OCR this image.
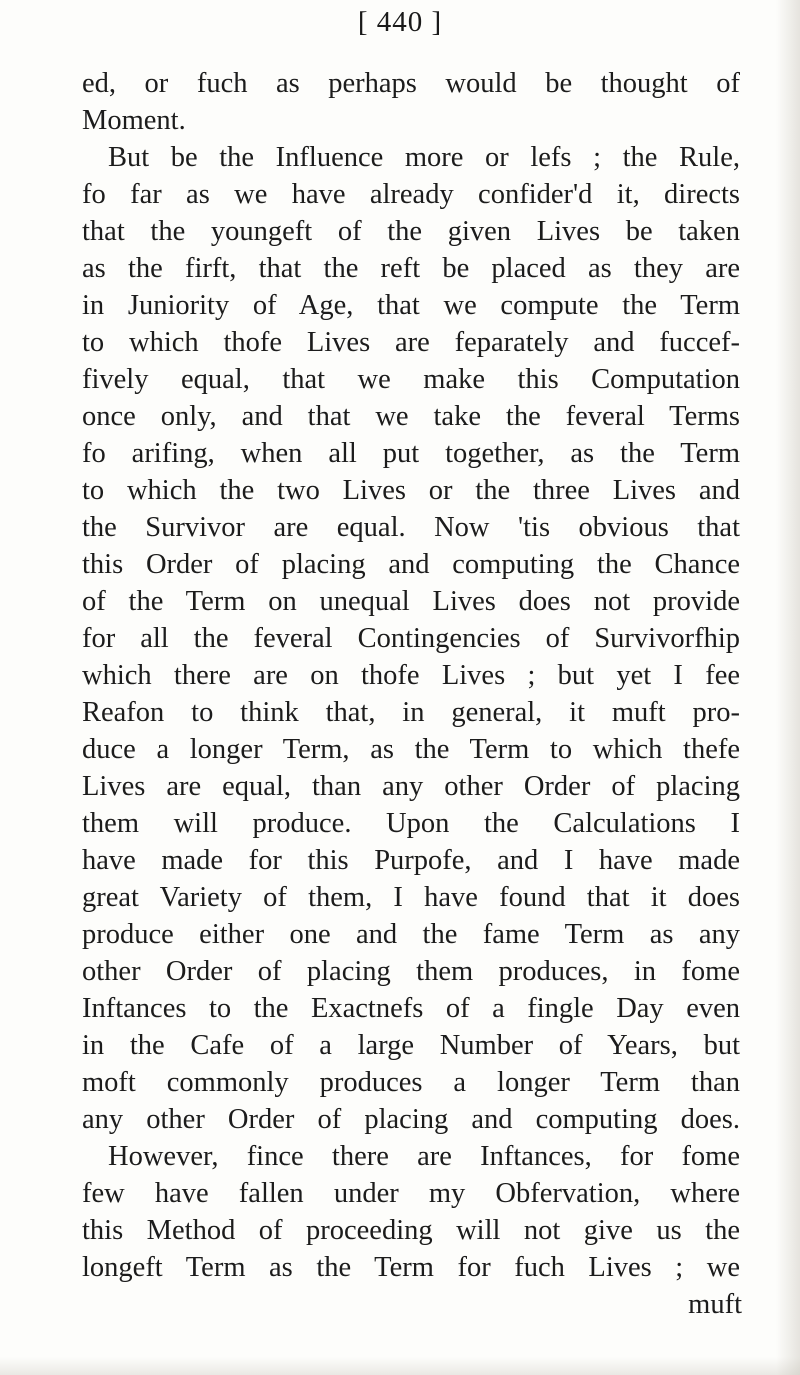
[ 440 ]
ed, or fuch as perhaps would be thought of
Moment.
But be the Influence more or lefs ; the Rule,
fo far as we have already confider'd it, directs
that the youngeft of the given Lives be taken
as the firft, that the reft be placed as they are
in Juniority of Age, that we compute the Term
to which thofe Lives are feparately and fuccef-
fively equal, that we make this Computation
once only, and that we take the feveral Terms
fo arifing, when all put together, as the Term
to which the two Lives or the three Lives and
the Survivor are equal. Now 'tis obvious that
this Order of placing and computing the Chance
of the Term on unequal Lives does not provide
for all the feveral Contingencies of Survivorfhip
which there are on thofe Lives ; but yet I fee
Reafon to think that, in general, it muft pro-
duce a longer Term, as the Term to which thefe
Lives are equal, than any other Order of placing
them will produce. Upon the Calculations I
have made for this Purpofe, and I have made
great Variety of them, I have found that it does
produce either one and the fame Term as any
other Order of placing them produces, in fome
Inftances to the Exactnefs of a fingle Day even
in the Cafe of a large Number of Years, but
moft commonly produces a longer Term than
any other Order of placing and computing does.
However, fince there are Inftances, for fome
few have fallen under my Obfervation, where
this Method of proceeding will not give us the
longeft Term as the Term for fuch Lives ; we
muft
